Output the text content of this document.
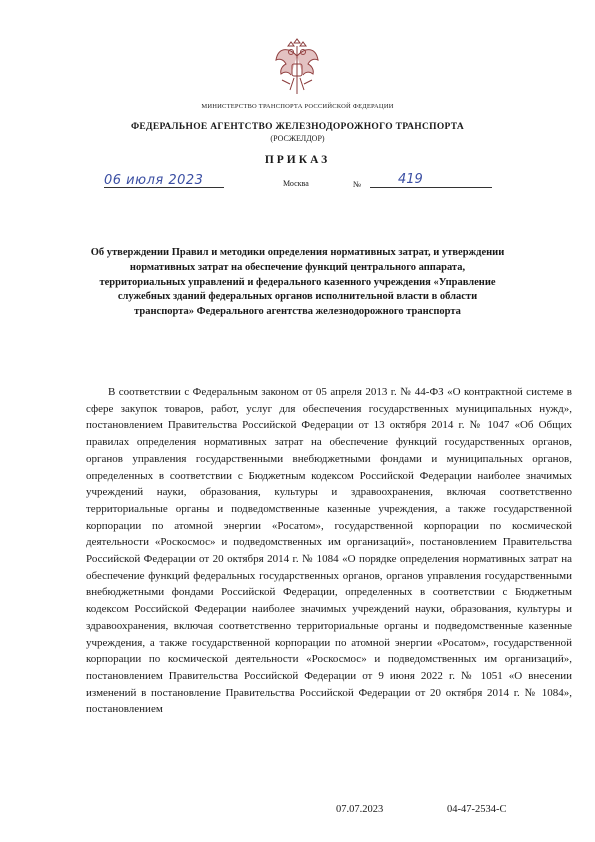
МИНИСТЕРСТВО ТРАНСПОРТА РОССИЙСКОЙ ФЕДЕРАЦИИ
ФЕДЕРАЛЬНОЕ АГЕНТСТВО ЖЕЛЕЗНОДОРОЖНОГО ТРАНСПОРТА
(РОСЖЕЛДОР)
ПРИКАЗ
06 июля 2023	Москва	№	419

Об утверждении Правил и методики определения нормативных затрат, и утверждении нормативных затрат на обеспечение функций центрального аппарата, территориальных управлений и федерального казенного учреждения «Управление служебных зданий федеральных органов исполнительной власти в области транспорта» Федерального агентства железнодорожного транспорта

В соответствии с Федеральным законом от 05 апреля 2013 г. № 44-ФЗ «О контрактной системе в сфере закупок товаров, работ, услуг для обеспечения государственных муниципальных нужд», постановлением Правительства Российской Федерации от 13 октября 2014 г. № 1047 «Об Общих правилах определения нормативных затрат на обеспечение функций государственных органов, органов управления государственными внебюджетными фондами и муниципальных органов, определенных в соответствии с Бюджетным кодексом Российской Федерации наиболее значимых учреждений науки, образования, культуры и здравоохранения, включая соответственно территориальные органы и подведомственные казенные учреждения, а также государственной корпорации по атомной энергии «Росатом», государственной корпорации по космической деятельности «Роскосмос» и подведомственных им организаций», постановлением Правительства Российской Федерации от 20 октября 2014 г. № 1084 «О порядке определения нормативных затрат на обеспечение функций федеральных государственных органов, органов управления государственными внебюджетными фондами Российской Федерации, определенных в соответствии с Бюджетным кодексом Российской Федерации наиболее значимых учреждений науки, образования, культуры и здравоохранения, включая соответственно территориальные органы и подведомственные казенные учреждения, а также государственной корпорации по атомной энергии «Росатом», государственной корпорации по космической деятельности «Роскосмос» и подведомственных им организаций», постановлением Правительства Российской Федерации от 9 июня 2022 г. № 1051 «О внесении изменений в постановление Правительства Российской Федерации от 20 октября 2014 г. № 1084», постановлением

07.07.2023	04-47-2534-С
